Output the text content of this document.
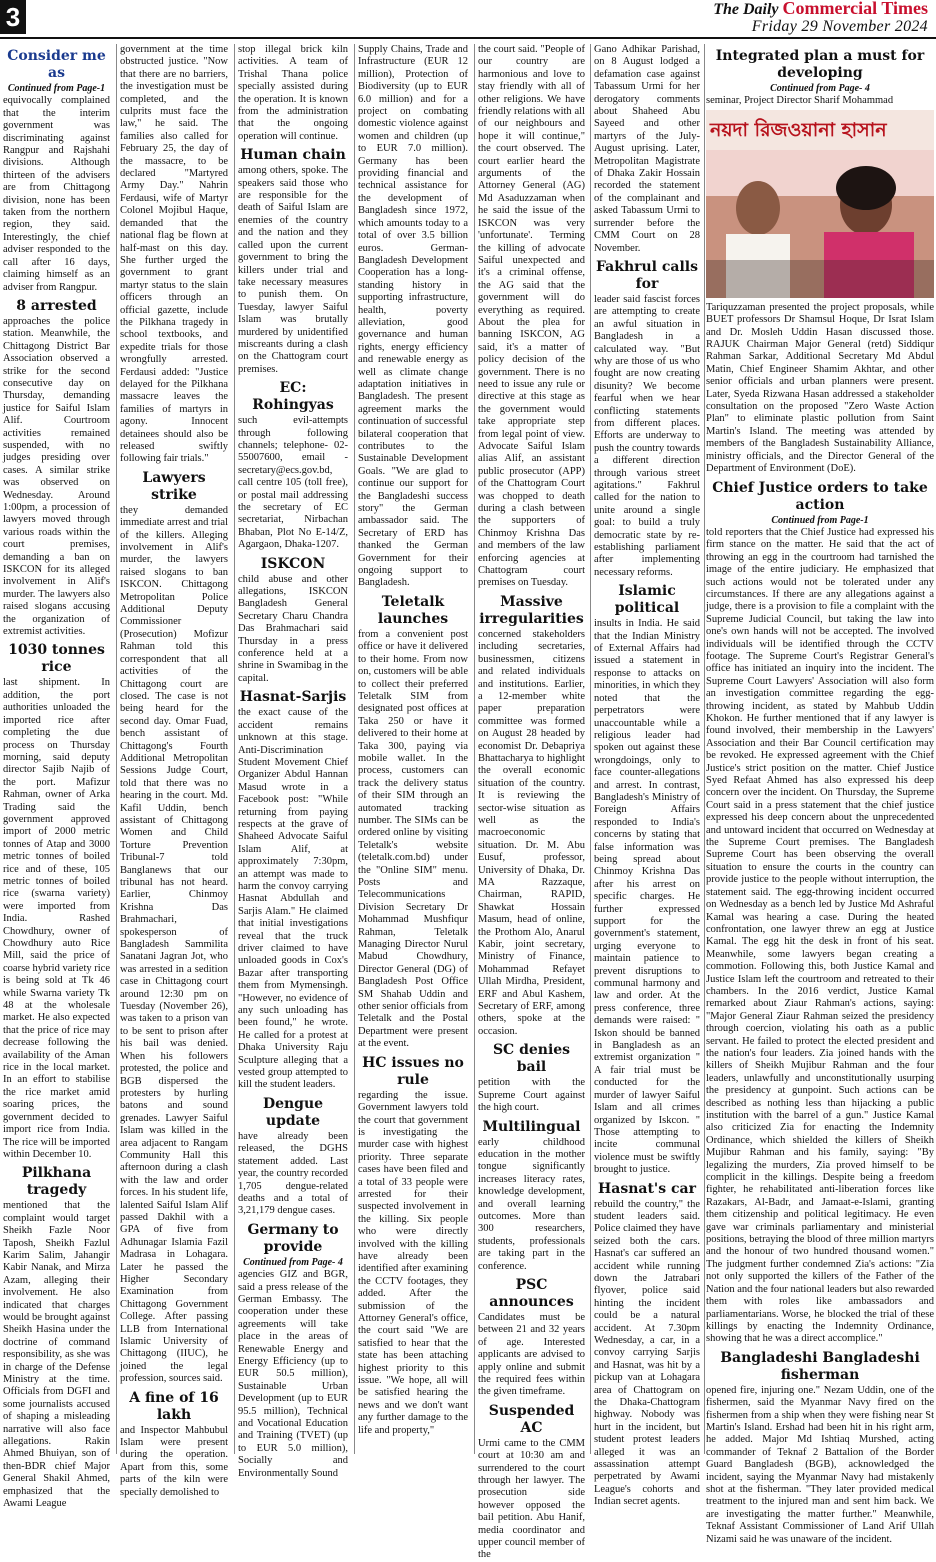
3	The Daily Commercial Times
Friday 29 November 2024
Consider me as
Continued from Page-1

equivocally complained that the interim government was discriminating against Rangpur and Rajshahi divisions. Although thirteen of the advisers are from Chittagong division, none has been taken from the northern region, they said. Interestingly, the chief adviser responded to the call after 16 days, claiming himself as an adviser from Rangpur.

8 arrested

approaches the police station. Meanwhile, the Chittagong District Bar Association observed a strike for the second consecutive day on Thursday, demanding justice for Saiful Islam Alif. Courtroom activities remained suspended, with no judges presiding over cases. A similar strike was observed on Wednesday. Around 1:00pm, a procession of lawyers moved through various roads within the court premises, demanding a ban on ISKCON for its alleged involvement in Alif's murder. The lawyers also raised slogans accusing the organization of extremist activities.

1030 tonnes rice

last shipment. In addition, the port authorities unloaded the imported rice after completing the due process on Thursday morning, said deputy director Sajib Najib of the port. Mafizur Rahman, owner of Arka Trading said the government approved import of 2000 metric tonnes of Atap and 3000 metric tonnes of boiled rice and of these, 105 metric tonnes of boiled rice (swarna variety) were imported from India. Rashed Chowdhury, owner of Chowdhury auto Rice Mill, said the price of coarse hybrid variety rice is being sold at Tk 46 while Swarna variety Tk 48 at the wholesale market. He also expected that the price of rice may decrease following the availability of the Aman rice in the local market. In an effort to stabilise the rice market amid soaring prices, the government decided to import rice from India. The rice will be imported within December 10.

Pilkhana tragedy

mentioned that the complaint would target Sheikh Fazle Noor Taposh, Sheikh Fazlul Karim Salim, Jahangir Kabir Nanak, and Mirza Azam, alleging their involvement. He also indicated that charges would be brought against Sheikh Hasina under the doctrine of command responsibility, as she was in charge of the Defense Ministry at the time. Officials from DGFI and some journalists accused of shaping a misleading narrative will also face allegations. Rakin Ahmed Bhuiyan, son of then-BDR chief Major General Shakil Ahmed, emphasized that the Awami League

government at the time obstructed justice. "Now that there are no barriers, the investigation must be completed, and the culprits must face the law," he said. The families also called for February 25, the day of the massacre, to be declared "Martyred Army Day." Nahrin Ferdausi, wife of Martyr Colonel Mojibul Haque, demanded that the national flag be flown at half-mast on this day. She further urged the government to grant martyr status to the slain officers through an official gazette, include the Pilkhana tragedy in school textbooks, and expedite trials for those wrongfully arrested. Ferdausi added: "Justice delayed for the Pilkhana massacre leaves the families of martyrs in agony. Innocent detainees should also be released swiftly following fair trials."

Lawyers strike

they demanded immediate arrest and trial of the killers. Alleging involvement in Alif's murder, the lawyers raised slogans to ban ISKCON. Chittagong Metropolitan Police Additional Deputy Commissioner (Prosecution) Mofizur Rahman told this correspondent that all activities of the Chittagong court are closed. The case is not being heard for the second day. Omar Fuad, bench assistant of Chittagong's Fourth Additional Metropolitan Sessions Judge Court, told that there was no hearing in the court. Md. Kafil Uddin, bench assistant of Chittagong Women and Child Torture Prevention Tribunal-7 told Banglanews that our tribunal has not heard. Earlier, Chinmoy Krishna Das Brahmachari, spokesperson of Bangladesh Sammilita Sanatani Jagran Jot, who was arrested in a sedition case in Chittagong court around 12:30 pm on Tuesday (November 26), was taken to a prison van to be sent to prison after his bail was denied. When his followers protested, the police and BGB dispersed the protesters by hurling batons and sound grenades. Lawyer Saiful Islam was killed in the area adjacent to Rangam Community Hall this afternoon during a clash with the law and order forces. In his student life, lalented Saiful Islam Alif passed Dakhil with a GPA of five from Adhunagar Islamia Fazil Madrasa in Lohagara. Later he passed the Higher Secondary Examination from Chittagong Government College. After passing LLB from International Islamic University of Chittagong (IIUC), he joined the legal profession, sources said.

A fine of 16 lakh

and Inspector Mahbubul Islam were present during the operation. Apart from this, some parts of the kiln were specially demolished to

stop illegal brick kiln activities. A team of Trishal Thana police specially assisted during the operation. It is known from the administration that the ongoing operation will continue.

Human chain

among others, spoke. The speakers said those who are responsible for the death of Saiful Islam are enemies of the country and the nation and they called upon the current government to bring the killers under trial and take necessary measures to punish them. On Tuesday, lawyer Saiful Islam was brutally murdered by unidentified miscreants during a clash on the Chattogram court premises.

EC: Rohingyas

such evil-attempts through following channels; telephone- 02-55007600, email - secretary@ecs.gov.bd, call centre 105 (toll free), or postal mail addressing the secretary of EC secretariat, Nirbachan Bhaban, Plot No E-14/Z, Agargaon, Dhaka-1207.

ISKCON

child abuse and other allegations, ISKCON Bangladesh General Secretary Charu Chandra Das Brahmachari said Thursday in a press conference held at a shrine in Swamibag in the capital.

Hasnat-Sarjis

the exact cause of the accident remains unknown at this stage. Anti-Discrimination Student Movement Chief Organizer Abdul Hannan Masud wrote in a Facebook post: "While returning from paying respects at the grave of Shaheed Advocate Saiful Islam Alif, at approximately 7:30pm, an attempt was made to harm the convoy carrying Hasnat Abdullah and Sarjis Alam." He claimed that initial investigations reveal that the truck driver claimed to have unloaded goods in Cox's Bazar after transporting them from Mymensingh. "However, no evidence of any such unloading has been found," he wrote. He called for a protest at Dhaka University Raju Sculpture alleging that a vested group attempted to kill the student leaders.

Dengue update

have already been released, the DGHS statement added. Last year, the country recorded 1,705 dengue-related deaths and a total of 3,21,179 dengue cases.

Germany to provide
Continued from Page- 4

agencies GIZ and BGR, said a press release of the German Embassy. The cooperation under these agreements will take place in the areas of Renewable Energy and Energy Efficiency (up to EUR 50.5 million), Sustainable Urban Development (up to EUR 95.5 million), Technical and Vocational Education and Training (TVET) (up to EUR 5.0 million), Socially and Environmentally Sound

Supply Chains, Trade and Infrastructure (EUR 12 million), Protection of Biodiversity (up to EUR 6.0 million) and for a project on combating domestic violence against women and children (up to EUR 7.0 million). Germany has been providing financial and technical assistance for the development of Bangladesh since 1972, which amounts today to a total of over 3.5 billion euros. German-Bangladesh Development Cooperation has a long-standing history in supporting infrastructure, health, poverty alleviation, good governance and human rights, energy efficiency and renewable energy as well as climate change adaptation initiatives in Bangladesh. The present agreement marks the continuation of successful bilateral cooperation that contributes to the Sustainable Development Goals. "We are glad to continue our support for the Bangladeshi success story" the German ambassador said. The Secretary of ERD has thanked the German Government for their ongoing support to Bangladesh.

Teletalk launches

from a convenient post office or have it delivered to their home. From now on, customers will be able to collect their preferred Teletalk SIM from designated post offices at Taka 250 or have it delivered to their home at Taka 300, paying via mobile wallet. In the process, customers can track the delivery status of their SIM through an automated tracking number. The SIMs can be ordered online by visiting Teletalk's website (teletalk.com.bd) under the "Online SIM" menu. Posts and Telecommunications Division Secretary Dr Mohammad Mushfiqur Rahman, Teletalk Managing Director Nurul Mabud Chowdhury, Director General (DG) of Bangladesh Post Office SM Shahab Uddin and other senior officials from Teletalk and the Postal Department were present at the event.

HC issues no rule

regarding the issue. Government lawyers told the court that government is investigating the murder case with highest priority. Three separate cases have been filed and a total of 33 people were arrested for their suspected involvement in the killing. Six people who were directly involved with the killing have already been identified after examining the CCTV footages, they added. After the submission of the Attorney General's office, the court said "We are satisfied to hear that the state has been attaching highest priority to this issue. "We hope, all will be satisfied hearing the news and we don't want any further damage to the life and property,"

the court said. "People of our country are harmonious and love to stay friendly with all of other religions. We have friendly relations with all of our neighbours and hope it will continue," the court observed. The court earlier heard the arguments of the Attorney General (AG) Md Asaduzzaman when he said the issue of the ISKCON was very 'unfortunate'. Terming the killing of advocate Saiful unexpected and it's a criminal offense, the AG said that the government will do everything as required. About the plea for banning ISKCON, AG said, it's a matter of policy decision of the government. There is no need to issue any rule or directive at this stage as the government would take appropriate step from legal point of view. Advocate Saiful Islam alias Alif, an assistant public prosecutor (APP) of the Chattogram Court was chopped to death during a clash between the supporters of Chinmoy Krishna Das and members of the law enforcing agencies at Chattogram court premises on Tuesday.

Massive irregularities

concerned stakeholders including secretaries, businessmen, citizens and related individuals and institutions. Earlier, a 12-member white paper preparation committee was formed on August 28 headed by economist Dr. Debapriya Bhattacharya to highlight the overall economic situation of the country. It is reviewing the sector-wise situation as well as the macroeconomic situation. Dr. M. Abu Eusuf, professor, University of Dhaka, Dr. MA Razzaque, Chairman, RAPID, Shawkat Hossain Masum, head of online, the Prothom Alo, Anarul Kabir, joint secretary, Ministry of Finance, Mohammad Refayet Ullah Mirdha, President, ERF and Abul Kashem, Secretary of ERF, among others, spoke at the occasion.

SC denies bail

petition with the Supreme Court against the high court.

Multilingual

early childhood education in the mother tongue significantly increases literacy rates, knowledge development, and overall learning outcomes. More than 300 researchers, students, professionals are taking part in the conference.

PSC announces

Candidates must be between 21 and 32 years of age. Interested applicants are advised to apply online and submit the required fees within the given timeframe.

Suspended AC

Urmi came to the CMM court at 10:30 am and surrendered to the court through her lawyer. The prosecution side however opposed the bail petition. Abu Hanif, media coordinator and upper council member of the

Gano Adhikar Parishad, on 8 August lodged a defamation case against Tabassum Urmi for her derogatory comments about Shaheed Abu Sayeed and other martyrs of the July-August uprising. Later, Metropolitan Magistrate of Dhaka Zakir Hossain recorded the statement of the complainant and asked Tabassum Urmi to surrender before the CMM Court on 28 November.

Fakhrul calls for

leader said fascist forces are attempting to create an awful situation in Bangladesh in a calculated way. "But why are those of us who fought are now creating disunity? We become fearful when we hear conflicting statements from different places. Efforts are underway to push the country towards a different direction through various street agitations." Fakhrul called for the nation to unite around a single goal: to build a truly democratic state by re-establishing parliament after implementing necessary reforms.

Islamic political

insults in India. He said that the Indian Ministry of External Affairs had issued a statement in response to attacks on minorities, in which they noted that the perpetrators were unaccountable while a religious leader had spoken out against these wrongdoings, only to face counter-allegations and arrest. In contrast, Bangladesh's Ministry of Foreign Affairs responded to India's concerns by stating that false information was being spread about Chinmoy Krishna Das after his arrest on specific charges. He further expressed support for the government's statement, urging everyone to maintain patience to prevent disruptions to communal harmony and law and order. At the press conference, three demands were raised: " Iskon should be banned in Bangladesh as an extremist organization " A fair trial must be conducted for the murder of lawyer Saiful Islam and all crimes organized by Iskcon. " Those attempting to incite communal violence must be swiftly brought to justice.

Hasnat's car

rebuild the country," the student leaders said. Police claimed they have seized both the cars. Hasnat's car suffered an accident while running down the Jatrabari flyover, police said hinting the incident could be a natural accident. At 7.30pm Wednesday, a car, in a convoy carrying Sarjis and Hasnat, was hit by a pickup van at Lohagara area of Chattogram on the Dhaka-Chattogram highway. Nobody was hurt in the incident, but student protest leaders alleged it was an assassination attempt perpetrated by Awami League's cohorts and Indian secret agents.

Integrated plan a must for developing
Continued from Page- 4

seminar, Project Director Sharif Mohammad

নয়দা রিজওয়ানা হাসান

Tariquzzaman presented the project proposals, while BUET professors Dr Shamsul Hoque, Dr Israt Islam and Dr. Mosleh Uddin Hasan discussed those. RAJUK Chairman Major General (retd) Siddiqur Rahman Sarkar, Additional Secretary Md Abdul Matin, Chief Engineer Shamim Akhtar, and other senior officials and urban planners were present. Later, Syeda Rizwana Hasan addressed a stakeholder consultation on the proposed "Zero Waste Action Plan" to eliminate plastic pollution from Saint Martin's Island. The meeting was attended by members of the Bangladesh Sustainability Alliance, ministry officials, and the Director General of the Department of Environment (DoE).

Chief Justice orders to take action
Continued from Page-1

told reporters that the Chief Justice had expressed his firm stance on the matter. He said that the act of throwing an egg in the courtroom had tarnished the image of the entire judiciary. He emphasized that such actions would not be tolerated under any circumstances. If there are any allegations against a judge, there is a provision to file a complaint with the Supreme Judicial Council, but taking the law into one's own hands will not be accepted. The involved individuals will be identified through the CCTV footage. The Supreme Court's Registrar General's office has initiated an inquiry into the incident. The Supreme Court Lawyers' Association will also form an investigation committee regarding the egg-throwing incident, as stated by Mahbub Uddin Khokon. He further mentioned that if any lawyer is found involved, their membership in the Lawyers' Association and their Bar Council certification may be revoked. He expressed agreement with the Chief Justice's strict position on the matter. Chief Justice Syed Refaat Ahmed has also expressed his deep concern over the incident. On Thursday, the Supreme Court said in a press statement that the chief justice expressed his deep concern about the unprecedented and untoward incident that occurred on Wednesday at the Supreme Court premises. The Bangladesh Supreme Court has been observing the overall situation to ensure the courts in the country can provide justice to the people without interruption, the statement said. The egg-throwing incident occurred on Wednesday as a bench led by Justice Md Ashraful Kamal was hearing a case. During the heated confrontation, one lawyer threw an egg at Justice Kamal. The egg hit the desk in front of his seat. Meanwhile, some lawyers began creating a commotion. Following this, both Justice Kamal and Justice Islam left the courtroom and retreated to their chambers. In the 2016 verdict, Justice Kamal remarked about Ziaur Rahman's actions, saying: "Major General Ziaur Rahman seized the presidency through coercion, violating his oath as a public servant. He failed to protect the elected president and the nation's four leaders. Zia joined hands with the killers of Sheikh Mujibur Rahman and the four leaders, unlawfully and unconstitutionally usurping the presidency at gunpoint. Such actions can be described as nothing less than hijacking a public institution with the barrel of a gun." Justice Kamal also criticized Zia for enacting the Indemnity Ordinance, which shielded the killers of Sheikh Mujibur Rahman and his family, saying: "By legalizing the murders, Zia proved himself to be complicit in the killings. Despite being a freedom fighter, he rehabilitated anti-liberation forces like Razakars, Al-Badr, and Jamaat-e-Islami, granting them citizenship and political legitimacy. He even gave war criminals parliamentary and ministerial positions, betraying the blood of three million martyrs and the honour of two hundred thousand women." The judgment further condemned Zia's actions: "Zia not only supported the killers of the Father of the Nation and the four national leaders but also rewarded them with roles like ambassadors and parliamentarians. Worse, he blocked the trial of these killings by enacting the Indemnity Ordinance, showing that he was a direct accomplice."

Bangladeshi Bangladeshi fisherman

opened fire, injuring one." Nezam Uddin, one of the fishermen, said the Myanmar Navy fired on the fishermen from a ship when they were fishing near St Martin's Island. Ershad had been hit in his right arm, he added. Major Md Ishtiaq Murshed, acting commander of Teknaf 2 Battalion of the Border Guard Bangladesh (BGB), acknowledged the incident, saying the Myanmar Navy had mistakenly shot at the fisherman. "They later provided medical treatment to the injured man and sent him back. We are investigating the matter further." Meanwhile, Teknaf Assistant Commissioner of Land Arif Ullah Nizami said he was unaware of the incident.
